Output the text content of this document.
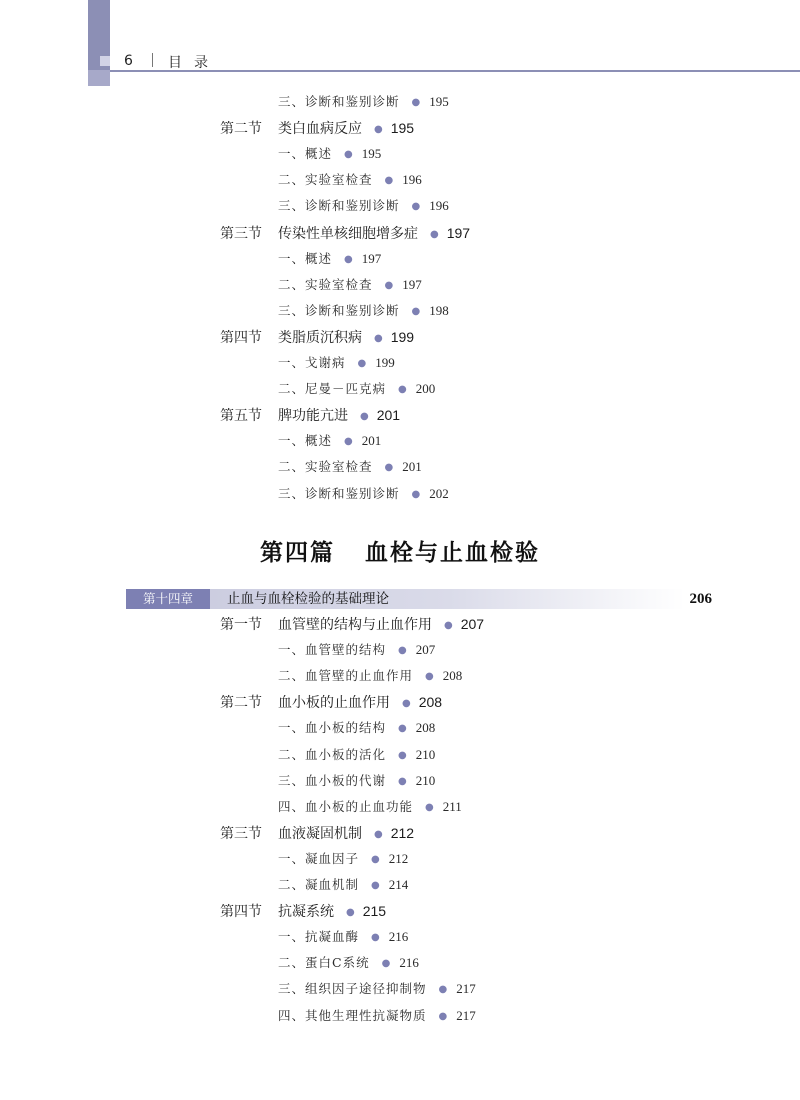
6	目录
三、诊断和鉴别诊断 ● 195
第二节 类白血病反应 ● 195
一、概述 ● 195
二、实验室检查 ● 196
三、诊断和鉴别诊断 ● 196
第三节 传染性单核细胞增多症 ● 197
一、概述 ● 197
二、实验室检查 ● 197
三、诊断和鉴别诊断 ● 198
第四节 类脂质沉积病 ● 199
一、戈谢病 ● 199
二、尼曼－匹克病 ● 200
第五节 脾功能亢进 ● 201
一、概述 ● 201
二、实验室检查 ● 201
三、诊断和鉴别诊断 ● 202
第四篇 血栓与止血检验
第十四章	止血与血栓检验的基础理论	206
第一节 血管壁的结构与止血作用 ● 207
一、血管壁的结构 ● 207
二、血管壁的止血作用 ● 208
第二节 血小板的止血作用 ● 208
一、血小板的结构 ● 208
二、血小板的活化 ● 210
三、血小板的代谢 ● 210
四、血小板的止血功能 ● 211
第三节 血液凝固机制 ● 212
一、凝血因子 ● 212
二、凝血机制 ● 214
第四节 抗凝系统 ● 215
一、抗凝血酶 ● 216
二、蛋白C系统 ● 216
三、组织因子途径抑制物 ● 217
四、其他生理性抗凝物质 ● 217
